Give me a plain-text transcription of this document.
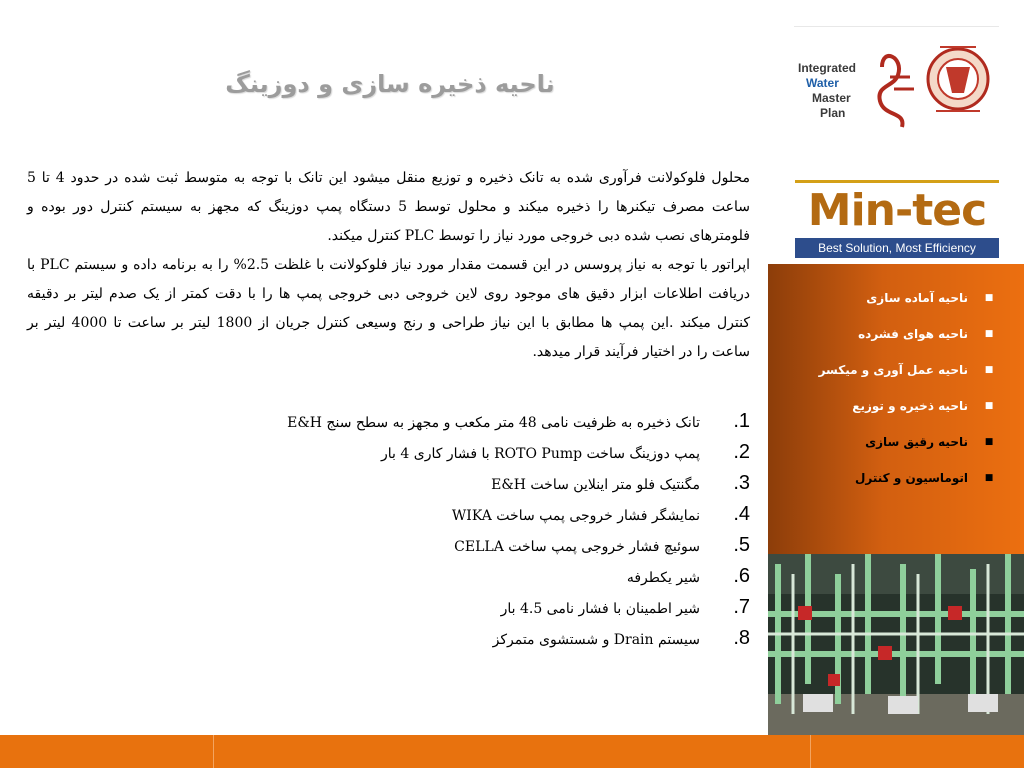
ناحیه ذخیره سازی و دوزینگ

محلول فلوکولانت فرآوری شده به تانک ذخیره و توزیع منقل میشود این تانک با توجه به متوسط ثبت شده در حدود 4 تا 5 ساعت مصرف تیکنرها را ذخیره میکند و محلول توسط 5 دستگاه پمپ دوزینگ که مجهز به سیستم کنترل دور بوده و فلومترهای نصب شده دبی خروجی مورد نیاز را توسط PLC کنترل میکند.

اپراتور با توجه به نیاز پروسس در این قسمت مقدار مورد نیاز فلوکولانت با غلظت 2.5% را به برنامه داده و سیستم PLC با دریافت اطلاعات ابزار دقیق های موجود روی لاین خروجی دبی خروجی پمپ ها را با دقت کمتر از یک صدم لیتر بر دقیقه کنترل میکند .این پمپ ها مطابق با این نیاز طراحی و رنج وسیعی کنترل جریان از 1800 لیتر بر ساعت تا 4000 لیتر بر ساعت را در اختیار فرآیند قرار میدهد.

1.
تانک ذخیره به ظرفیت نامی 48 متر مکعب و مجهز به سطح سنج E&H
2.
پمپ دوزینگ ساخت ROTO Pump با فشار کاری 4 بار
3.
مگنتیک فلو متر اینلاین ساخت E&H
4.
نمایشگر فشار خروجی پمپ ساخت WIKA
5.
سوئیچ فشار خروجی پمپ ساخت CELLA
6.
شیر یکطرفه
7.
شیر اطمینان با فشار نامی 4.5 بار
8.
سیستم Drain و شستشوی متمرکز
Integrated
Water
Master
Plan
Min-tec
Best Solution, Most Efficiency
■
ناحیه آماده سازی
■
ناحیه هوای فشرده
■
ناحیه عمل آوری و میکسر
■
ناحیه ذخیره و توزیع
■
ناحیه رقیق سازی
■
اتوماسیون و کنترل
